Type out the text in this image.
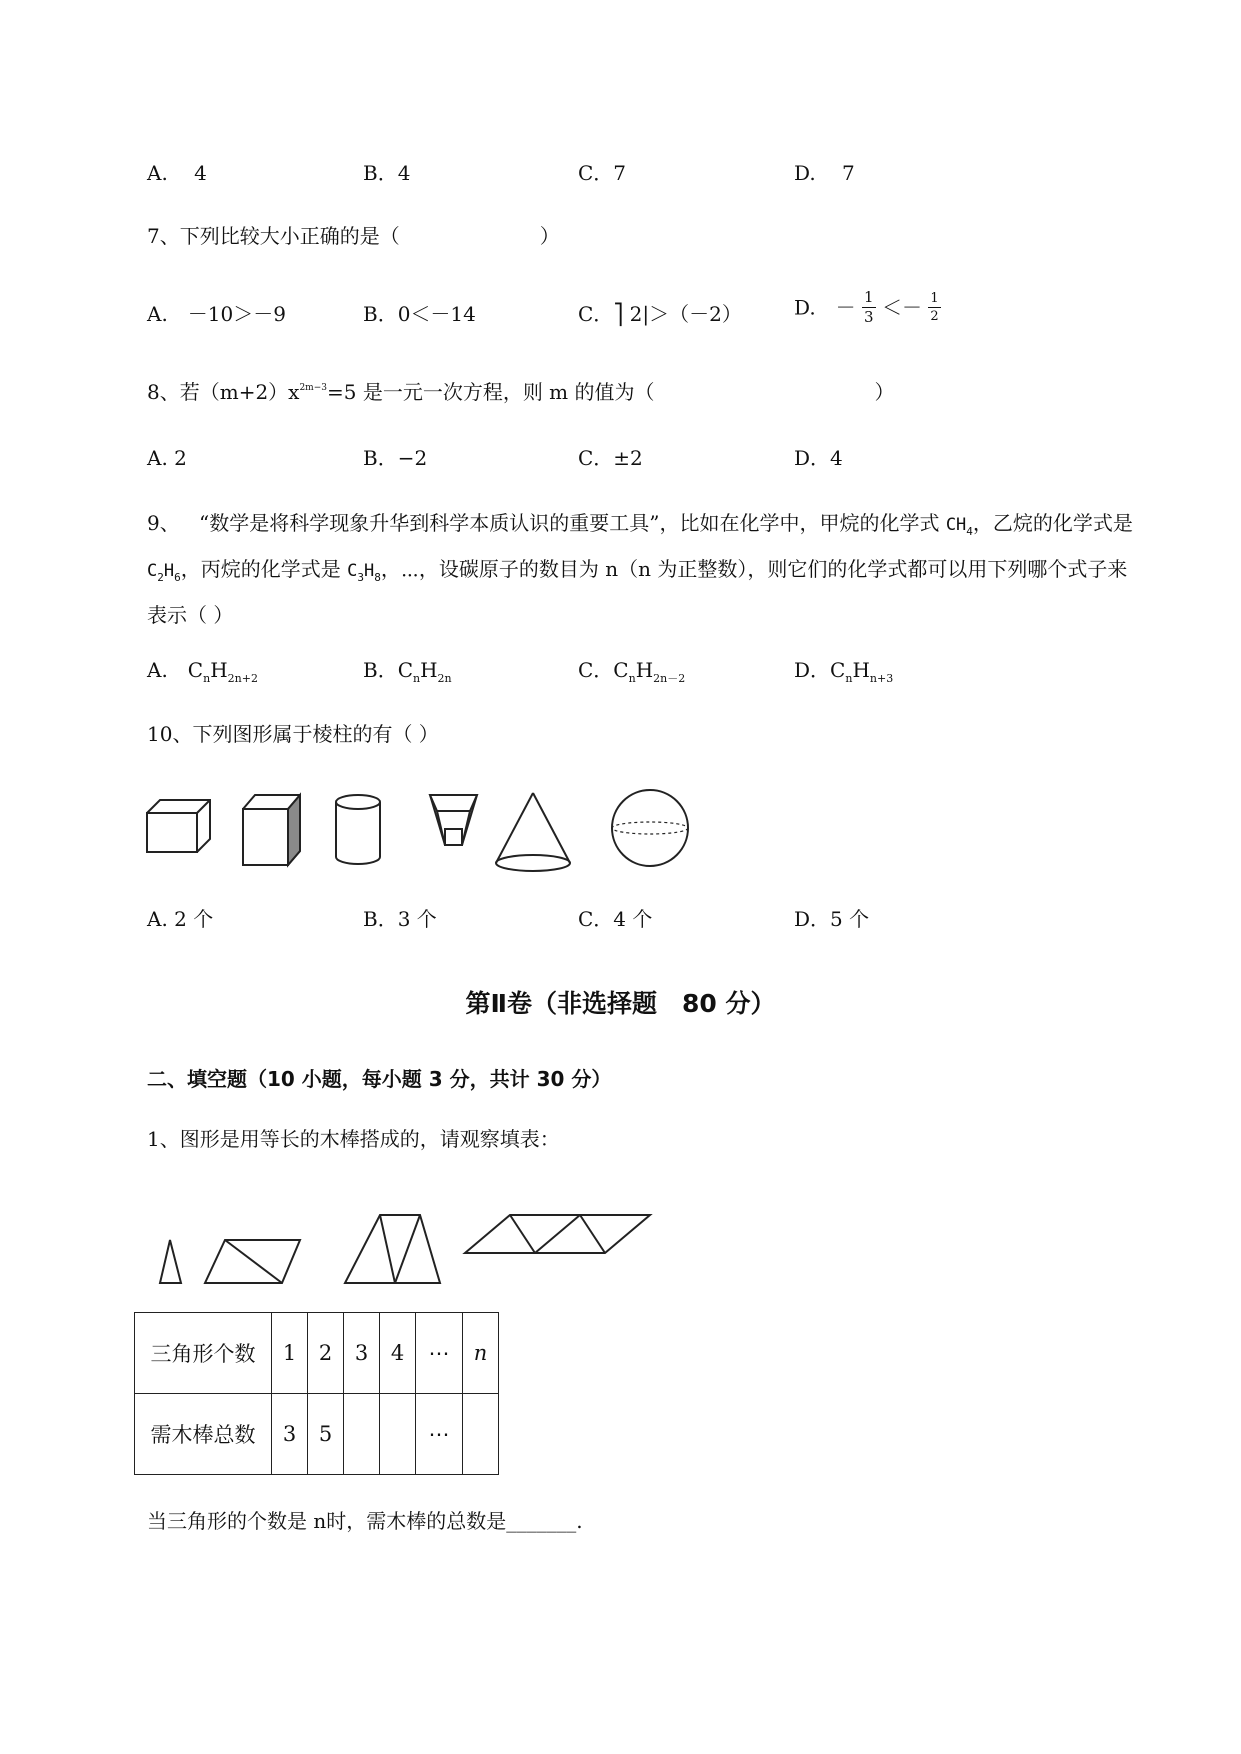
A.　 4	B．4	C．7	D.　 7
7、下列比较大小正确的是（　　　　　　　）
A.　－10＞－9	B．0＜－14	C．⎤ 2|＞（－2）	D.　－ $\frac{1}{3} <- \frac{1}{2}$
8、若$(m+2)x^{2m-3}=5$ 是一元一次方程，则 m 的值为（　　　　　　　　　　　）
A. 2	B．−2	C．±2	D．4
9、 “数学是将科学现象升华到科学本质认识的重要工具”，比如在化学中，甲烷的化学式 $CH_4$，乙烷的化学式是 $C_2H_6$，丙烷的化学式是 $C_3H_8$，⋯，设碳原子的数目为 n（n 为正整数），则它们的化学式都可以用下列哪个式子来表示（ ）
A.　$C_nH_{2n+2}$	B．$C_nH_{2n}$	C．$C_nH_{2n-2}$	D．$C_nH_{n+3}$
10、下列图形属于棱柱的有（ ）
A. 2 个	B．3 个	C．4 个	D．5 个
第Ⅱ卷（非选择题　80 分）
二、填空题（10 小题，每小题 3 分，共计 30 分）
1、图形是用等长的木棒搭成的，请观察填表：
三角形个数	1	2	3	4	⋯	n
需木棒总数	3	5			⋯	
当三角形的个数是 n时，需木棒的总数是_______.
